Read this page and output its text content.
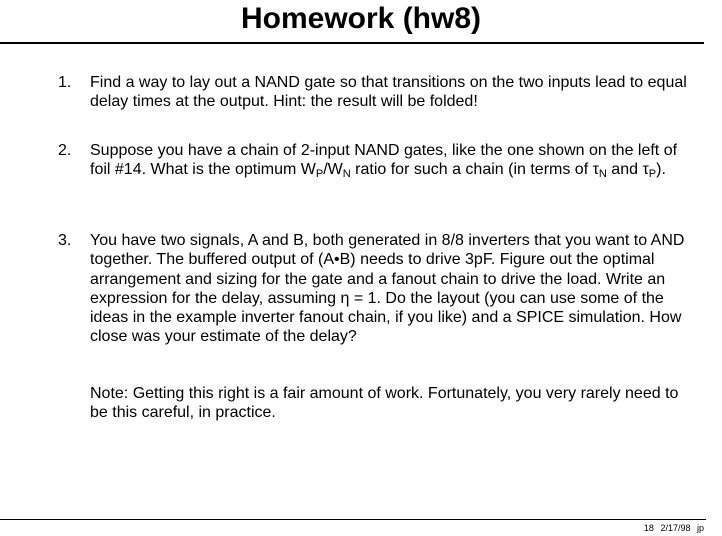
Homework (hw8)
1. Find a way to lay out a NAND gate so that transitions on the two inputs lead to equal delay times at the output. Hint: the result will be folded!
2. Suppose you have a chain of 2-input NAND gates, like the one shown on the left of foil #14. What is the optimum $W_P/W_N$ ratio for such a chain (in terms of $\tau_N$ and $\tau_P$).
3. You have two signals, A and B, both generated in 8/8 inverters that you want to AND together. The buffered output of (A•B) needs to drive 3pF. Figure out the optimal arrangement and sizing for the gate and a fanout chain to drive the load. Write an expression for the delay, assuming η = 1. Do the layout (you can use some of the ideas in the example inverter fanout chain, if you like) and a SPICE simulation. How close was your estimate of the delay?
Note: Getting this right is a fair amount of work. Fortunately, you very rarely need to be this careful, in practice.
18 2/17/98 jp
